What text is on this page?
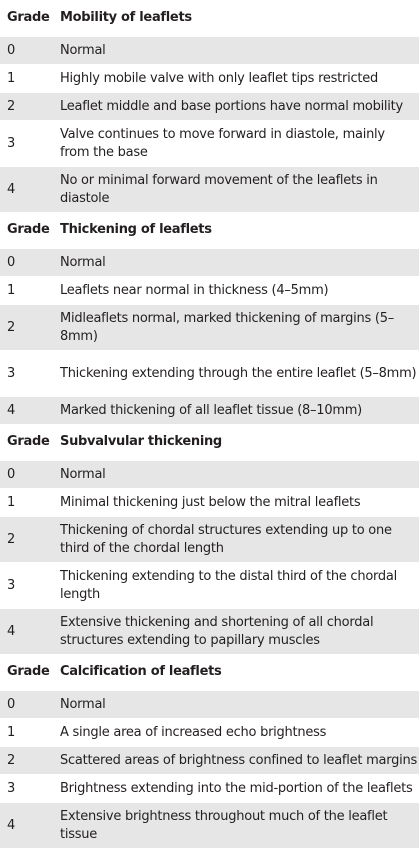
Grade	Mobility of leaflets
0	Normal
1	Highly mobile valve with only leaflet tips restricted
2	Leaflet middle and base portions have normal mobility
3	Valve continues to move forward in diastole, mainly from the base
4	No or minimal forward movement of the leaflets in diastole
Grade	Thickening of leaflets
0	Normal
1	Leaflets near normal in thickness (4–5mm)
2	Midleaflets normal, marked thickening of margins (5–8mm)
3	Thickening extending through the entire leaflet (5–8mm)
4	Marked thickening of all leaflet tissue (8–10mm)
Grade	Subvalvular thickening
0	Normal
1	Minimal thickening just below the mitral leaflets
2	Thickening of chordal structures extending up to one third of the chordal length
3	Thickening extending to the distal third of the chordal length
4	Extensive thickening and shortening of all chordal structures extending to papillary muscles
Grade	Calcification of leaflets
0	Normal
1	A single area of increased echo brightness
2	Scattered areas of brightness confined to leaflet margins
3	Brightness extending into the mid-portion of the leaflets
4	Extensive brightness throughout much of the leaflet tissue
